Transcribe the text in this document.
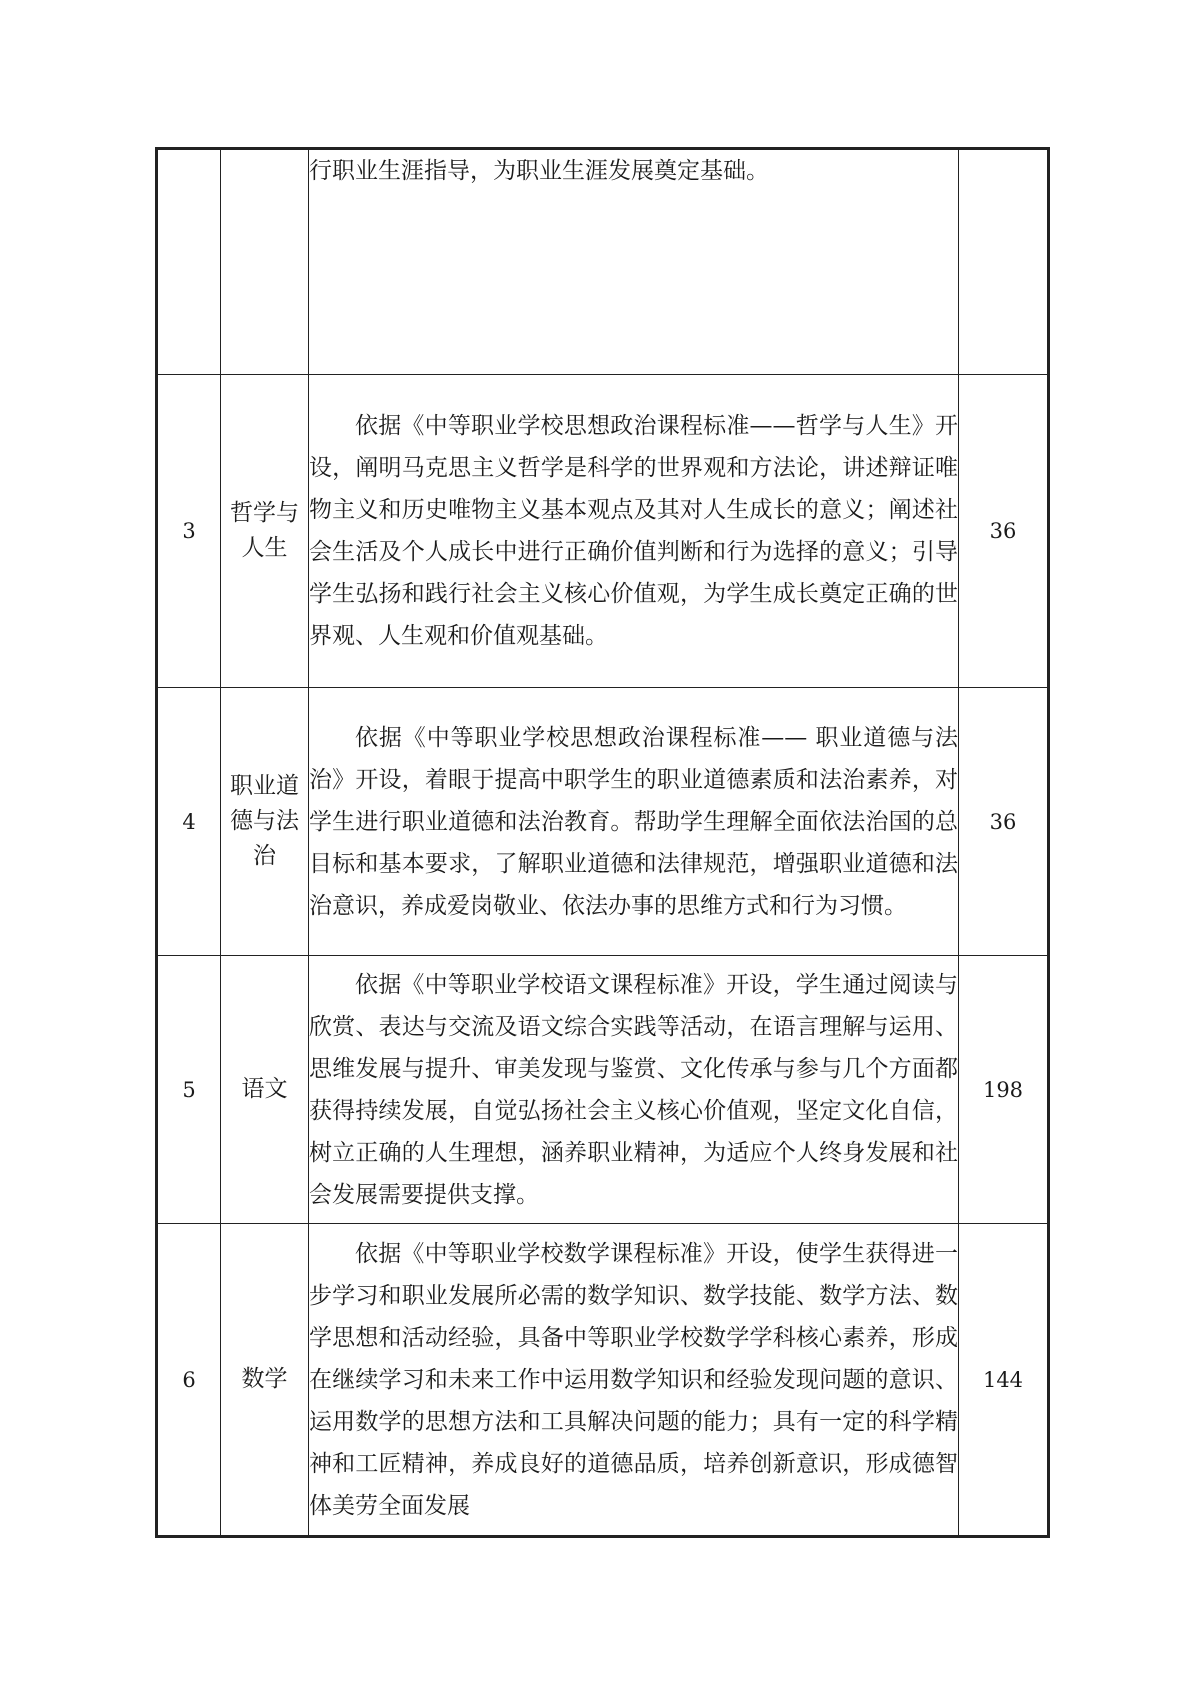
		行职业生涯指导，为职业生涯发展奠定基础。	

3	哲学与人生	依据《中等职业学校思想政治课程标准——哲学与人生》开设，阐明马克思主义哲学是科学的世界观和方法论，讲述辩证唯物主义和历史唯物主义基本观点及其对人生成长的意义；阐述社会生活及个人成长中进行正确价值判断和行为选择的意义；引导学生弘扬和践行社会主义核心价值观，为学生成长奠定正确的世界观、人生观和价值观基础。	36
4	职业道德与法治	依据《中等职业学校思想政治课程标准—— 职业道德与法治》开设，着眼于提高中职学生的职业道德素质和法治素养，对学生进行职业道德和法治教育。帮助学生理解全面依法治国的总目标和基本要求，了解职业道德和法律规范，增强职业道德和法治意识，养成爱岗敬业、依法办事的思维方式和行为习惯。	36
5	语文	依据《中等职业学校语文课程标准》开设，学生通过阅读与欣赏、表达与交流及语文综合实践等活动，在语言理解与运用、思维发展与提升、审美发现与鉴赏、文化传承与参与几个方面都获得持续发展，自觉弘扬社会主义核心价值观，坚定文化自信，树立正确的人生理想，涵养职业精神，为适应个人终身发展和社会发展需要提供支撑。	198
6	数学	依据《中等职业学校数学课程标准》开设，使学生获得进一步学习和职业发展所必需的数学知识、数学技能、数学方法、数学思想和活动经验，具备中等职业学校数学学科核心素养，形成在继续学习和未来工作中运用数学知识和经验发现问题的意识、运用数学的思想方法和工具解决问题的能力；具有一定的科学精神和工匠精神，养成良好的道德品质，培养创新意识，形成德智体美劳全面发展	144
